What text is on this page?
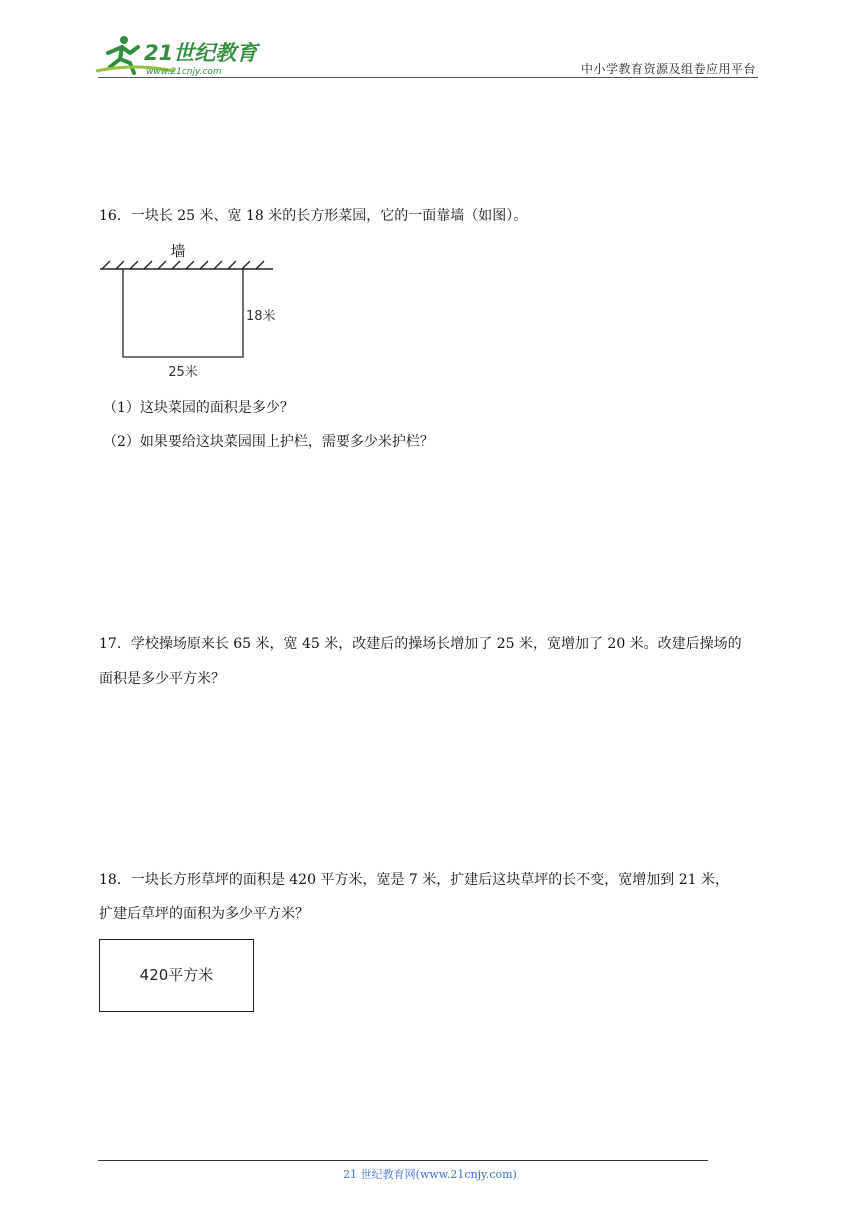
21世纪教育
www.21cnjy.com	中小学教育资源及组卷应用平台
16．一块长 25 米、宽 18 米的长方形菜园，它的一面靠墙（如图）。
墙
18米
25米
（1）这块菜园的面积是多少？
（2）如果要给这块菜园围上护栏，需要多少米护栏？
17．学校操场原来长 65 米，宽 45 米，改建后的操场长增加了 25 米，宽增加了 20 米。改建后操场的
面积是多少平方米？
18．一块长方形草坪的面积是 420 平方米，宽是 7 米，扩建后这块草坪的长不变，宽增加到 21 米，
扩建后草坪的面积为多少平方米？
420平方米
21 世纪教育网(www.21cnjy.com)
